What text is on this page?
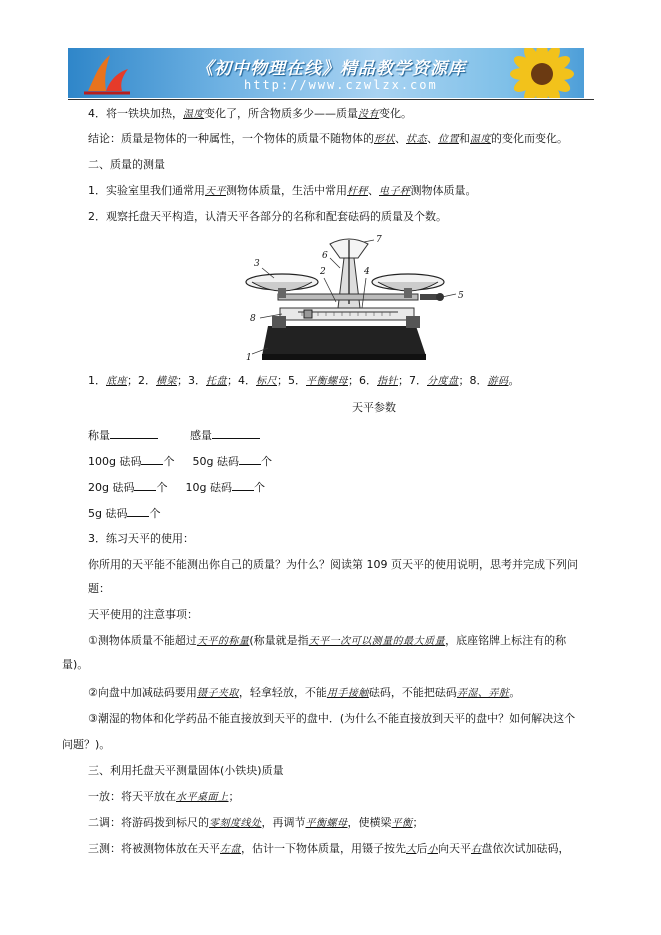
《初中物理在线》精品教学资源库
http://www.czwlzx.com
4．将一铁块加热，温度变化了，所含物质多少——质量没有变化。
结论：质量是物体的一种属性，一个物体的质量不随物体的形状、状态、位置和温度的变化而变化。
二、质量的测量
1．实验室里我们通常用天平测物体质量，生活中常用杆秤、电子秤测物体质量。
2．观察托盘天平构造，认清天平各部分的名称和配套砝码的质量及个数。
1
2
3
4
5
6
7
8
1．底座；2．横梁；3．托盘；4．标尺；5．平衡螺母；6．指针；7．分度盘；8．游码。
天平参数
称量	感量
100g 砝码 个 50g 砝码 个
20g 砝码 个 10g 砝码 个
5g 砝码 个
3．练习天平的使用：
你所用的天平能不能测出你自己的质量？为什么？阅读第 109 页天平的使用说明，思考并完成下列问
题：
天平使用的注意事项：
①测物体质量不能超过天平的称量(称量就是指天平一次可以测量的最大质量，底座铭牌上标注有的称
量)。
②向盘中加减砝码要用镊子夹取，轻拿轻放，不能用手接触砝码，不能把砝码弄湿、弄脏。
③潮湿的物体和化学药品不能直接放到天平的盘中．(为什么不能直接放到天平的盘中？如何解决这个
问题？)。
三、利用托盘天平测量固体(小铁块)质量
一放：将天平放在水平桌面上；
二调：将游码拨到标尺的零刻度线处，再调节平衡螺母，使横梁平衡；
三测：将被测物体放在天平左盘，估计一下物体质量，用镊子按先大后小向天平右盘依次试加砝码，
